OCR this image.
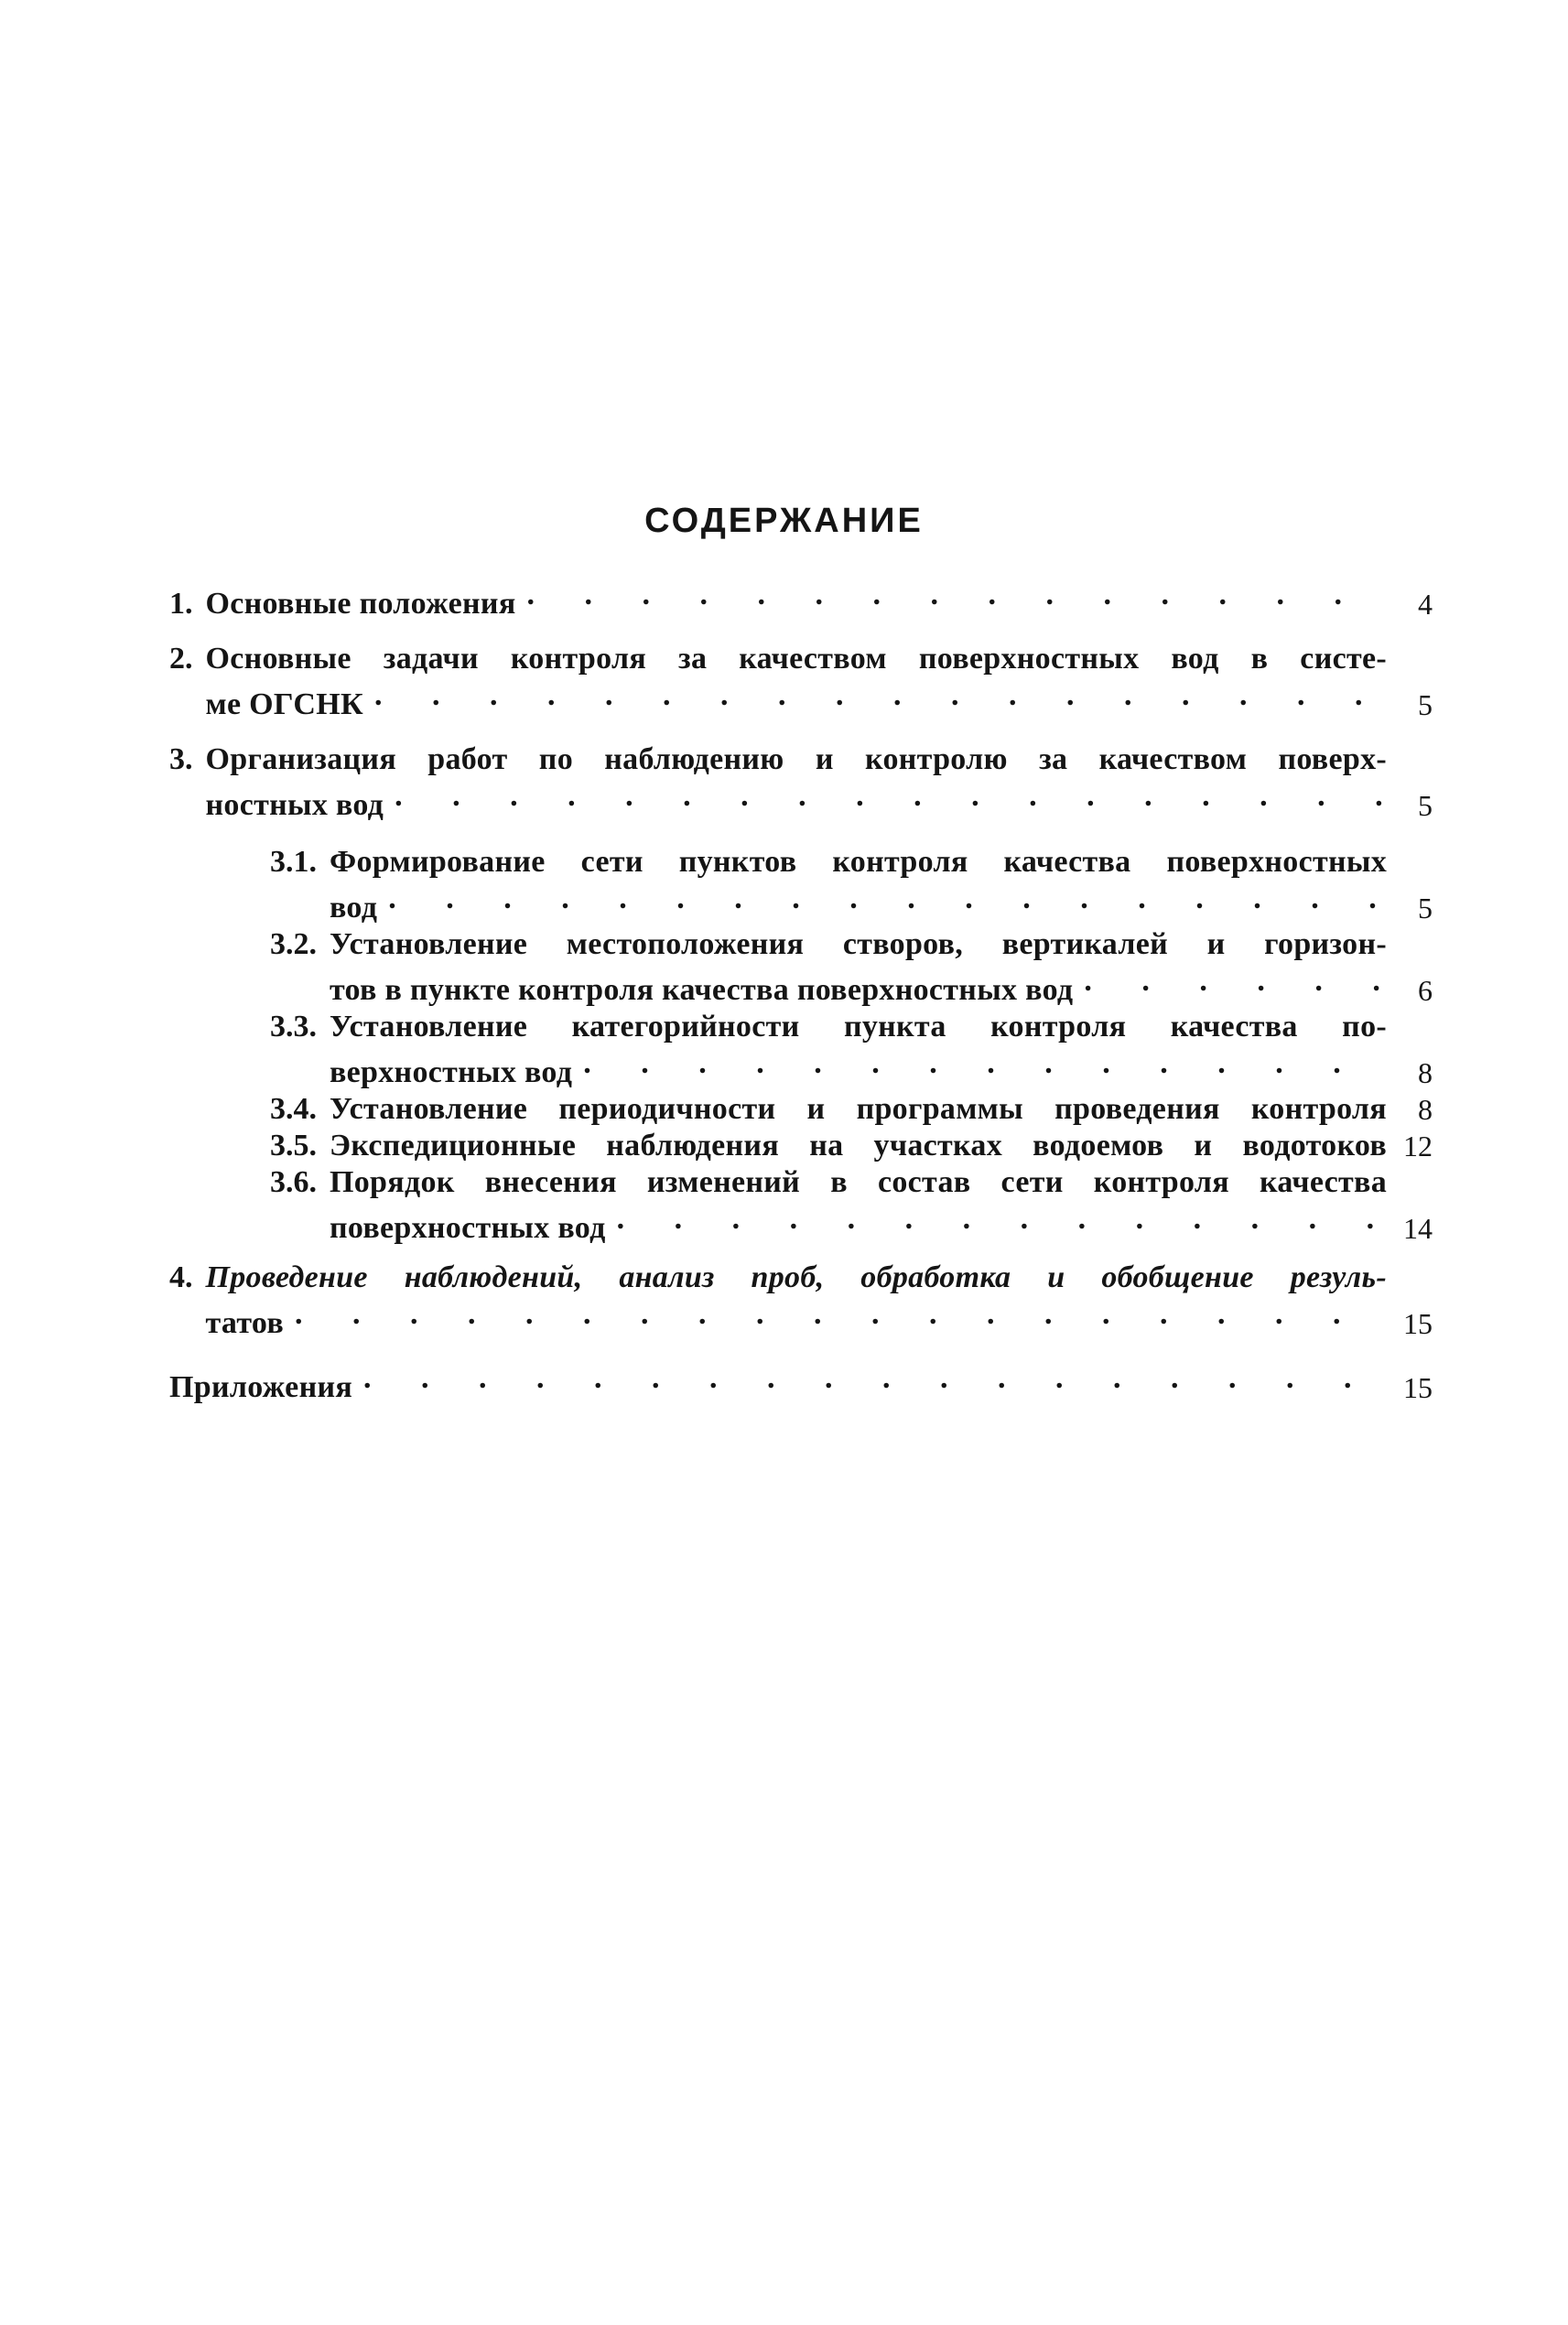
СОДЕРЖАНИЕ
1. Основные положения . . .	4
2. Основные задачи контроля за качеством поверхностных вод в систе-
ме ОГСНК . . .	5
3. Организация работ по наблюдению и контролю за качеством поверх-
ностных вод . . .	5
3.1. Формирование сети пунктов контроля качества поверхностных
вод . . .	5
3.2. Установление местоположения створов, вертикалей и горизон-
тов в пункте контроля качества поверхностных вод . . .	6
3.3. Установление категорийности пункта контроля качества по-
верхностных вод . . .	8
3.4. Установление периодичности и программы проведения контроля	8
3.5. Экспедиционные наблюдения на участках водоемов и водотоков 12
3.6. Порядок внесения изменений в состав сети контроля качества
поверхностных вод . . .	14
4. Проведение наблюдений, анализ проб, обработка и обобщение резуль-
татов . . .	15
Приложения . . .	15
